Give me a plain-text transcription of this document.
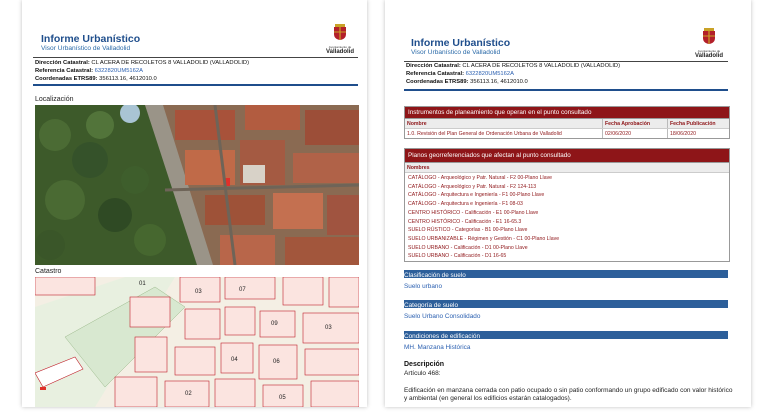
Informe Urbanístico
Visor Urbanístico de Valladolid	Ayuntamiento de
Valladolid
Dirección Catastral: CL ACERA DE RECOLETOS 8 VALLADOLID (VALLADOLID)
Referencia Catastral: 6322820UM5162A
Coordenadas ETRS89: 356113.16, 4612010.0
Localización
Catastro
01
03	07
09
03
04	06
02
05
Informe Urbanístico
Visor Urbanístico de Valladolid	Ayuntamiento de
Valladolid
Dirección Catastral: CL ACERA DE RECOLETOS 8 VALLADOLID (VALLADOLID)
Referencia Catastral: 6322820UM5162A
Coordenadas ETRS89: 356113.16, 4612010.0
Instrumentos de planeamiento que operan en el punto consultado
Nombre	Fecha Aprobación	Fecha Publicación
1.0. Revisión del Plan General de Ordenación Urbana de Valladolid	02/06/2020	18/06/2020
Planos georreferenciados que afectan al punto consultado
Nombres
CATÁLOGO - Arqueológico y Patr. Natural - F2 00-Plano Llave
CATÁLOGO - Arqueológico y Patr. Natural - F2 124-113
CATÁLOGO - Arquitectura e Ingeniería - F1 00-Plano Llave
CATÁLOGO - Arquitectura e Ingeniería - F1 08-03
CENTRO HISTÓRICO - Calificación - E1 00-Plano Llave
CENTRO HISTÓRICO - Calificación - E1 16-65.3
SUELO RÚSTICO - Categorías - B1 00-Plano Llave
SUELO URBANIZABLE - Régimen y Gestión - C1 00-Plano Llave
SUELO URBANO - Calificación - D1 00-Plano Llave
SUELO URBANO - Calificación - D1 16-65
Clasificación de suelo
Suelo urbano
Categoría de suelo
Suelo Urbano Consolidado
Condiciones de edificación
MH. Manzana Histórica
Descripción
Artículo 468:
Edificación en manzana cerrada con patio ocupado o sin patio conformando un grupo edificado con valor histórico y ambiental (en general los edificios estarán catalogados).
